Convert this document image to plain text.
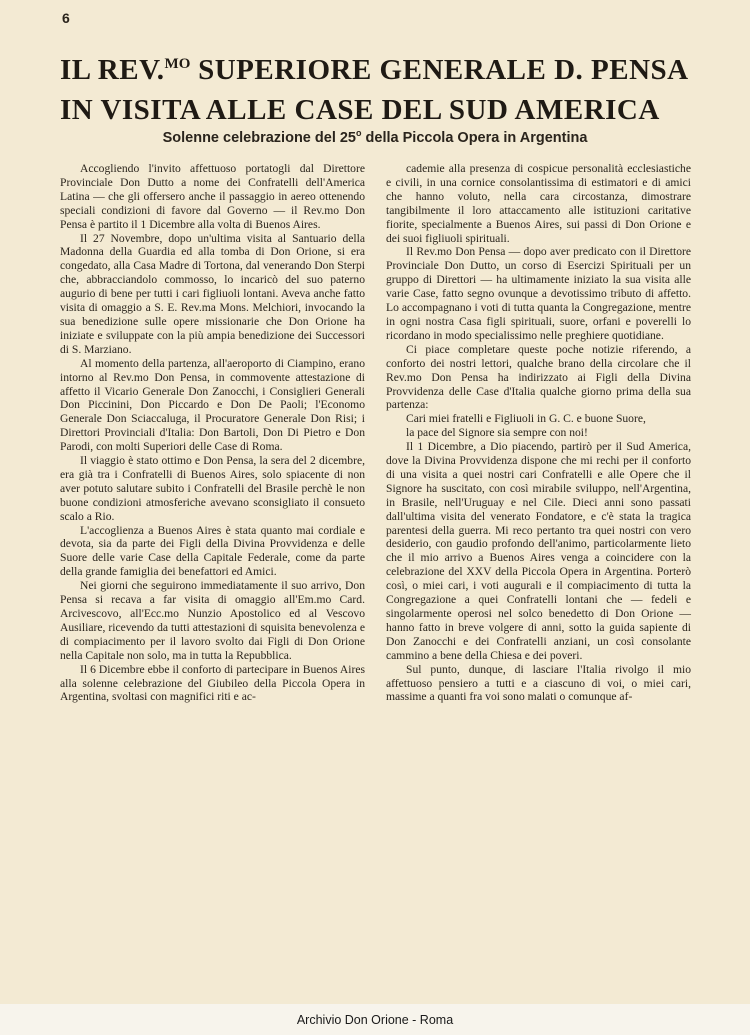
6
IL REV.$^{MO}$ SUPERIORE GENERALE D. PENSA
IN VISITA ALLE CASE DEL SUD AMERICA
Solenne celebrazione del 25$^o$ della Piccola Opera in Argentina

Accogliendo l'invito affettuoso portatogli dal Direttore Provinciale Don Dutto a nome dei Confratelli dell'America Latina — che gli offersero anche il passaggio in aereo ottenendo speciali condizioni di favore dal Governo — il Rev.mo Don Pensa è partito il 1 Dicembre alla volta di Buenos Aires.

Il 27 Novembre, dopo un'ultima visita al Santuario della Madonna della Guardia ed alla tomba di Don Orione, si era congedato, alla Casa Madre di Tortona, dal venerando Don Sterpi che, abbracciandolo commosso, lo incaricò del suo paterno augurio di bene per tutti i cari figliuoli lontani. Aveva anche fatto visita di omaggio a S. E. Rev.ma Mons. Melchiori, invocando la sua benedizione sulle opere missionarie che Don Orione ha iniziate e sviluppate con la più ampia benedizione dei Successori di S. Marziano.

Al momento della partenza, all'aeroporto di Ciampino, erano intorno al Rev.mo Don Pensa, in commovente attestazione di affetto il Vicario Generale Don Zanocchi, i Consiglieri Generali Don Piccinini, Don Piccardo e Don De Paoli; l'Economo Generale Don Sciaccaluga, il Procuratore Generale Don Risi; i Direttori Provinciali d'Italia: Don Bartoli, Don Di Pietro e Don Parodi, con molti Superiori delle Case di Roma.

Il viaggio è stato ottimo e Don Pensa, la sera del 2 dicembre, era già tra i Confratelli di Buenos Aires, solo spiacente di non aver potuto salutare subito i Confratelli del Brasile perchè le non buone condizioni atmosferiche avevano sconsigliato il consueto scalo a Rio.

L'accoglienza a Buenos Aires è stata quanto mai cordiale e devota, sia da parte dei Figli della Divina Provvidenza e delle Suore delle varie Case della Capitale Federale, come da parte della grande famiglia dei benefattori ed Amici.

Nei giorni che seguirono immediatamente il suo arrivo, Don Pensa si recava a far visita di omaggio all'Em.mo Card. Arcivescovo, all'Ecc.mo Nunzio Apostolico ed al Vescovo Ausiliare, ricevendo da tutti attestazioni di squisita benevolenza e di compiacimento per il lavoro svolto dai Figli di Don Orione nella Capitale non solo, ma in tutta la Repubblica.

Il 6 Dicembre ebbe il conforto di partecipare in Buenos Aires alla solenne celebrazione del Giubileo della Piccola Opera in Argentina, svoltasi con magnifici riti e ac-

cademie alla presenza di cospicue personalità ecclesiastiche e civili, in una cornice consolantissima di estimatori e di amici che hanno voluto, nella cara circostanza, dimostrare tangibilmente il loro attaccamento alle istituzioni caritative fiorite, specialmente a Buenos Aires, sui passi di Don Orione e dei suoi figliuoli spirituali.

Il Rev.mo Don Pensa — dopo aver predicato con il Direttore Provinciale Don Dutto, un corso di Esercizi Spirituali per un gruppo di Direttori — ha ultimamente iniziato la sua visita alle varie Case, fatto segno ovunque a devotissimo tributo di affetto. Lo accompagnano i voti di tutta quanta la Congregazione, mentre in ogni nostra Casa figli spirituali, suore, orfani e poverelli lo ricordano in modo specialissimo nelle preghiere quotidiane.

Ci piace completare queste poche notizie riferendo, a conforto dei nostri lettori, qualche brano della circolare che il Rev.mo Don Pensa ha indirizzato ai Figli della Divina Provvidenza delle Case d'Italia qualche giorno prima della sua partenza:

Cari miei fratelli e Figliuoli in G. C. e buone Suore,

la pace del Signore sia sempre con noi!

Il 1 Dicembre, a Dio piacendo, partirò per il Sud America, dove la Divina Provvidenza dispone che mi rechi per il conforto di una visita a quei nostri cari Confratelli e alle Opere che il Signore ha suscitato, con così mirabile sviluppo, nell'Argentina, in Brasile, nell'Uruguay e nel Cile. Dieci anni sono passati dall'ultima visita del venerato Fondatore, e c'è stata la tragica parentesi della guerra. Mi reco pertanto tra quei nostri con vero desiderio, con gaudio profondo dell'animo, particolarmente lieto che il mio arrivo a Buenos Aires venga a coincidere con la celebrazione del XXV della Piccola Opera in Argentina. Porterò così, o miei cari, i voti augurali e il compiacimento di tutta la Congregazione a quei Confratelli lontani che — fedeli e singolarmente operosi nel solco benedetto di Don Orione — hanno fatto in breve volgere di anni, sotto la guida sapiente di Don Zanocchi e dei Confratelli anziani, un così consolante cammino a bene della Chiesa e dei poveri.

Sul punto, dunque, di lasciare l'Italia rivolgo il mio affettuoso pensiero a tutti e a ciascuno di voi, o miei cari, massime a quanti fra voi sono malati o comunque af-

Archivio Don Orione - Roma
